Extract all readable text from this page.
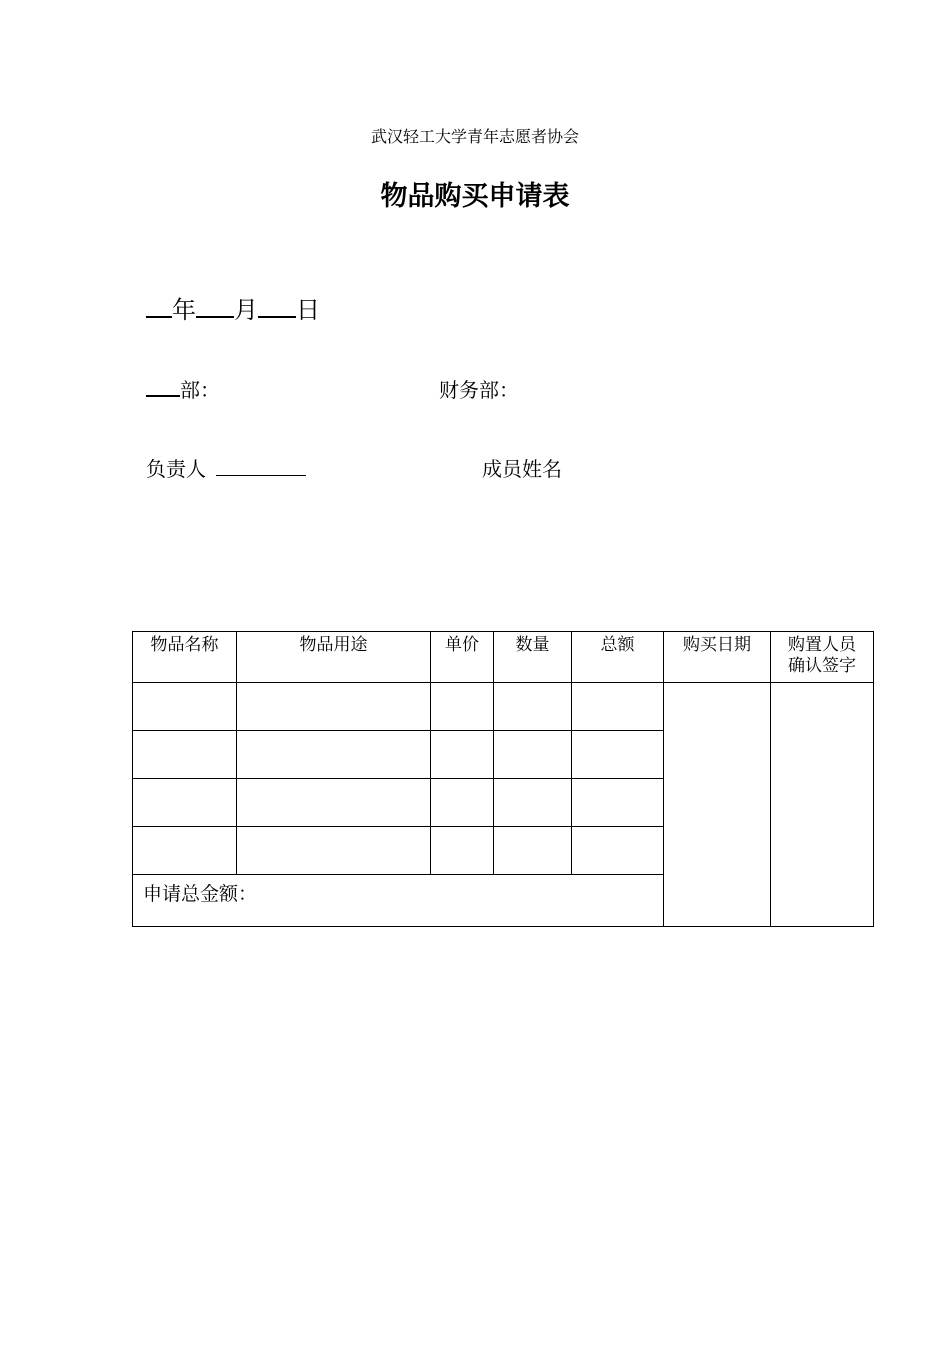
武汉轻工大学青年志愿者协会
物品购买申请表
年 月 日
部：	财务部：
负责人	成员姓名
物品名称	物品用途	单价	数量	总额	购买日期	购置人员
确认签字

申请总金额：						
